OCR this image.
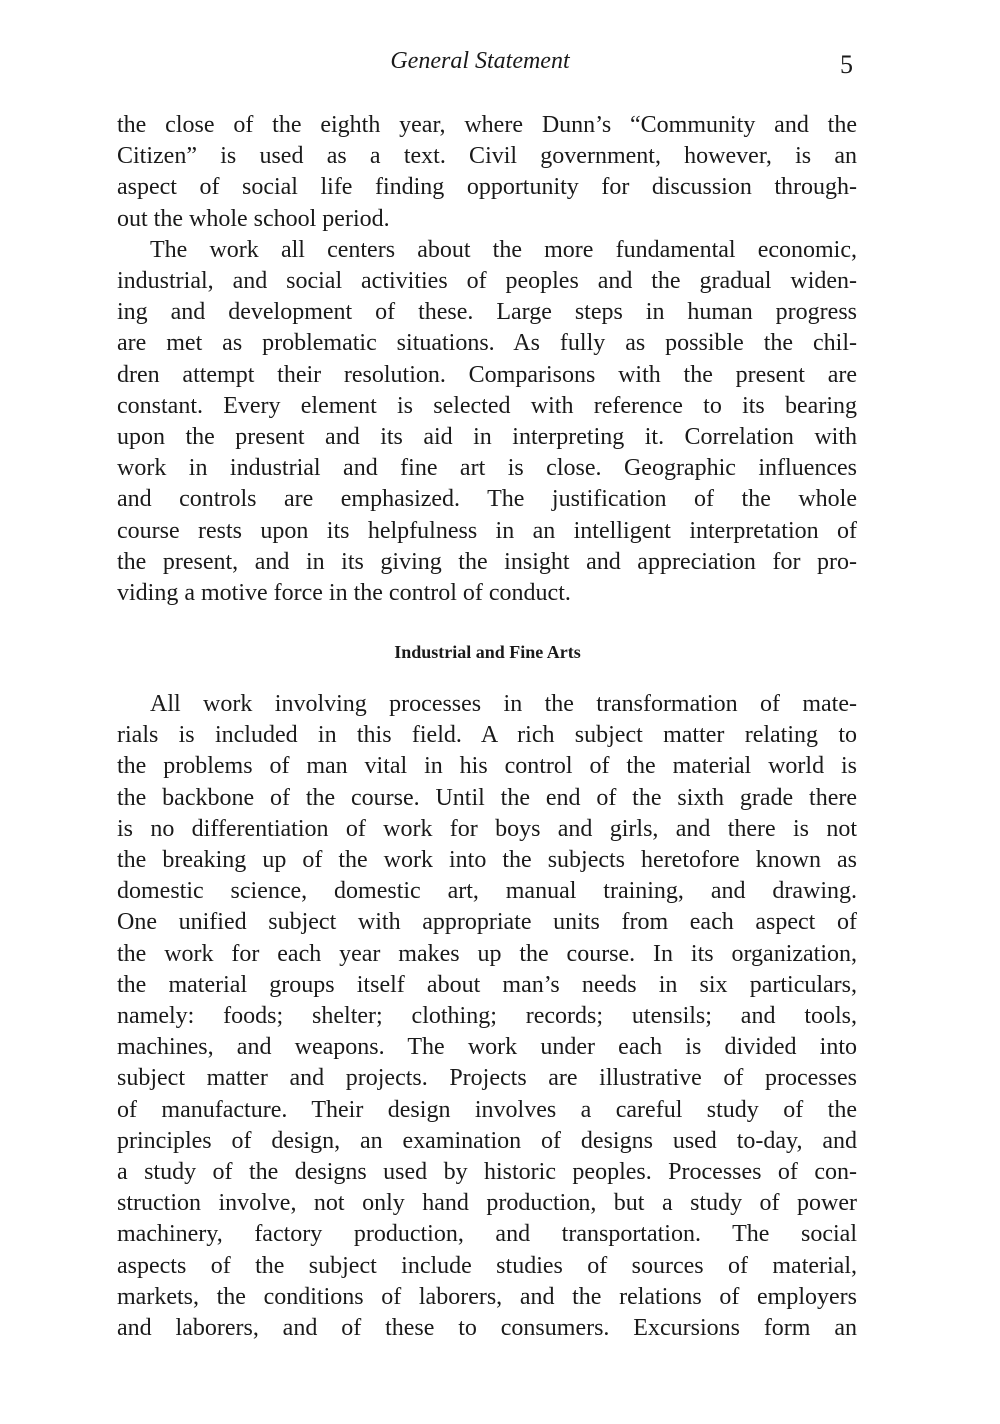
General Statement	5
Industrial and Fine Arts
the close of the eighth year, where Dunn’s “Community and the
Citizen” is used as a text. Civil government, however, is an
aspect of social life finding opportunity for discussion through-
out the whole school period.
The work all centers about the more fundamental economic,
industrial, and social activities of peoples and the gradual widen-
ing and development of these. Large steps in human progress
are met as problematic situations. As fully as possible the chil-
dren attempt their resolution. Comparisons with the present are
constant. Every element is selected with reference to its bearing
upon the present and its aid in interpreting it. Correlation with
work in industrial and fine art is close. Geographic influences
and controls are emphasized. The justification of the whole
course rests upon its helpfulness in an intelligent interpretation of
the present, and in its giving the insight and appreciation for pro-
viding a motive force in the control of conduct.
All work involving processes in the transformation of mate-
rials is included in this field. A rich subject matter relating to
the problems of man vital in his control of the material world is
the backbone of the course. Until the end of the sixth grade there
is no differentiation of work for boys and girls, and there is not
the breaking up of the work into the subjects heretofore known as
domestic science, domestic art, manual training, and drawing.
One unified subject with appropriate units from each aspect of
the work for each year makes up the course. In its organization,
the material groups itself about man’s needs in six particulars,
namely: foods; shelter; clothing; records; utensils; and tools,
machines, and weapons. The work under each is divided into
subject matter and projects. Projects are illustrative of processes
of manufacture. Their design involves a careful study of the
principles of design, an examination of designs used to-day, and
a study of the designs used by historic peoples. Processes of con-
struction involve, not only hand production, but a study of power
machinery, factory production, and transportation. The social
aspects of the subject include studies of sources of material,
markets, the conditions of laborers, and the relations of employers
and laborers, and of these to consumers. Excursions form an
